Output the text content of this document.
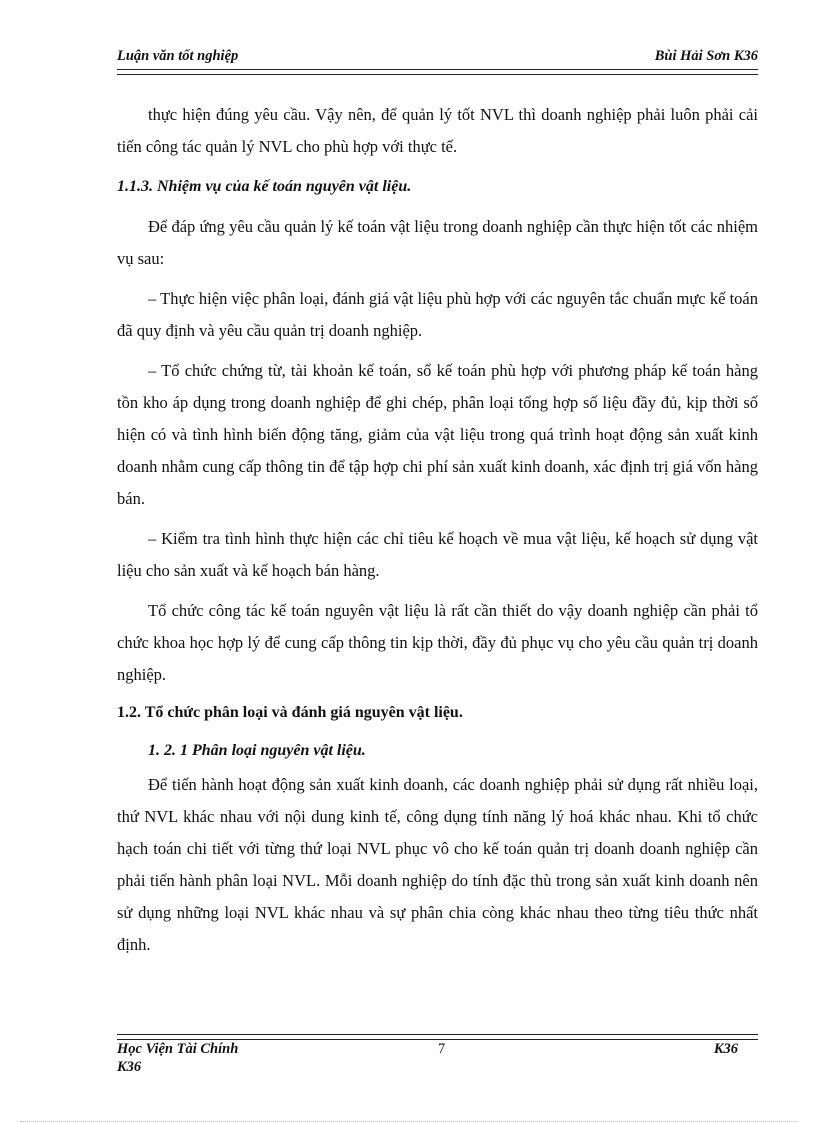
Luận văn tốt nghiệp	Bùi Hải Sơn K36

thực hiện đúng yêu cầu. Vậy nên, để quản lý tốt NVL thì doanh nghiệp phải luôn phải cải tiến công tác quản lý NVL cho phù hợp với thực tế.

1.1.3. Nhiệm vụ của kế toán nguyên vật liệu.

Để đáp ứng yêu cầu quản lý kế toán vật liệu trong doanh nghiệp cần thực hiện tốt các nhiệm vụ sau:

– Thực hiện việc phân loại, đánh giá vật liệu phù hợp với các nguyên tắc chuẩn mực kế toán đã quy định và yêu cầu quản trị doanh nghiệp.

– Tổ chức chứng từ, tài khoản kế toán, sổ kế toán phù hợp với phương pháp kế toán hàng tồn kho áp dụng trong doanh nghiệp để ghi chép, phân loại tổng hợp số liệu đầy đủ, kịp thời số hiện có và tình hình biến động tăng, giảm của vật liệu trong quá trình hoạt động sản xuất kinh doanh nhằm cung cấp thông tin để tập hợp chi phí sản xuất kinh doanh, xác định trị giá vốn hàng bán.

– Kiểm tra tình hình thực hiện các chỉ tiêu kế hoạch về mua vật liệu, kế hoạch sử dụng vật liệu cho sản xuất và kế hoạch bán hàng.

Tổ chức công tác kế toán nguyên vật liệu là rất cần thiết do vậy doanh nghiệp cần phải tổ chức khoa học hợp lý để cung cấp thông tin kịp thời, đầy đủ phục vụ cho yêu cầu quản trị doanh nghiệp.

1.2. Tổ chức phân loại và đánh giá nguyên vật liệu.

1. 2. 1 Phân loại nguyên vật liệu.

Để tiến hành hoạt động sản xuất kinh doanh, các doanh nghiệp phải sử dụng rất nhiều loại, thứ NVL khác nhau với nội dung kinh tế, công dụng tính năng lý hoá khác nhau. Khi tổ chức hạch toán chi tiết với từng thứ loại NVL phục vô cho kế toán quản trị doanh doanh nghiệp cần phải tiến hành phân loại NVL. Mỗi doanh nghiệp do tính đặc thù trong sản xuất kinh doanh nên sử dụng những loại NVL khác nhau và sự phân chia còng khác nhau theo từng tiêu thức nhất định.

Học Viện Tài Chính
K36
7	K36
